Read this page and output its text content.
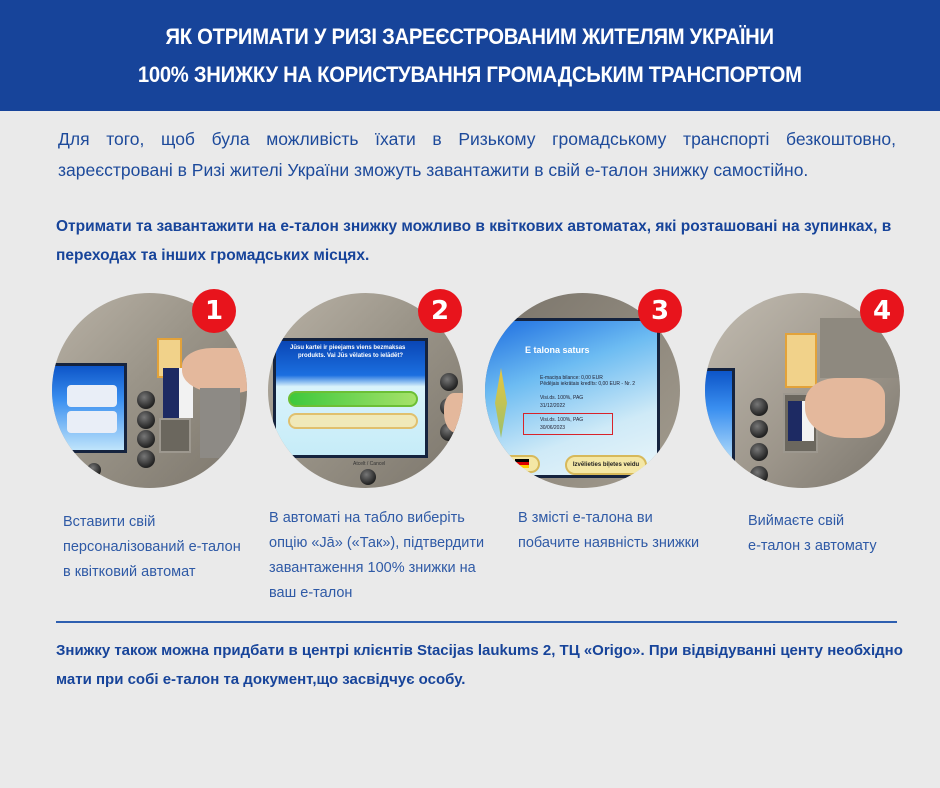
ЯК ОТРИМАТИ У РИЗІ ЗАРЕЄСТРОВАНИМ ЖИТЕЛЯМ УКРАЇНИ
100% ЗНИЖКУ НА КОРИСТУВАННЯ ГРОМАДСЬКИМ ТРАНСПОРТОМ

Для того, щоб була можливість їхати в Ризькому громадському транспорті безкоштовно, зареєстровані в Ризі жителі України зможуть завантажити в свій е-талон знижку самостійно.

Отримати та завантажити на е-талон знижку можливо в квіткових автоматах, які розташовані на зупинках, в переходах та інших громадських місцях.

1
Jūsu kartei ir pieejams viens bezmaksas
produkts. Vai Jūs vēlaties to ielādēt?
Atcelt / Cancel
2
E talona saturs
E-maciņa bilance: 0,00 EUR
Pēdējais iekrātais kredīts: 0,00 EUR - Nr. 2
Visi.ds. 100%, PAG
31/12/2022
Visi.ds. 100%, PAG
30/06/2023
Izvēlieties biļetes veidu
3	4
Вставити свій
персоналізований е-талон
в квітковий автомат
В автоматі на табло виберіть
опцію «Jā» («Так»), підтвердити
завантаження 100% знижки на
ваш е-талон
В змісті е-талона ви
побачите наявність знижки
Виймаєте свій
е-талон з автомату

Знижку також можна придбати в центрі клієнтів Stacijas laukums 2, ТЦ «Origo». При відвідуванні центу необхідно мати при собі е-талон та документ,що засвідчує особу.
